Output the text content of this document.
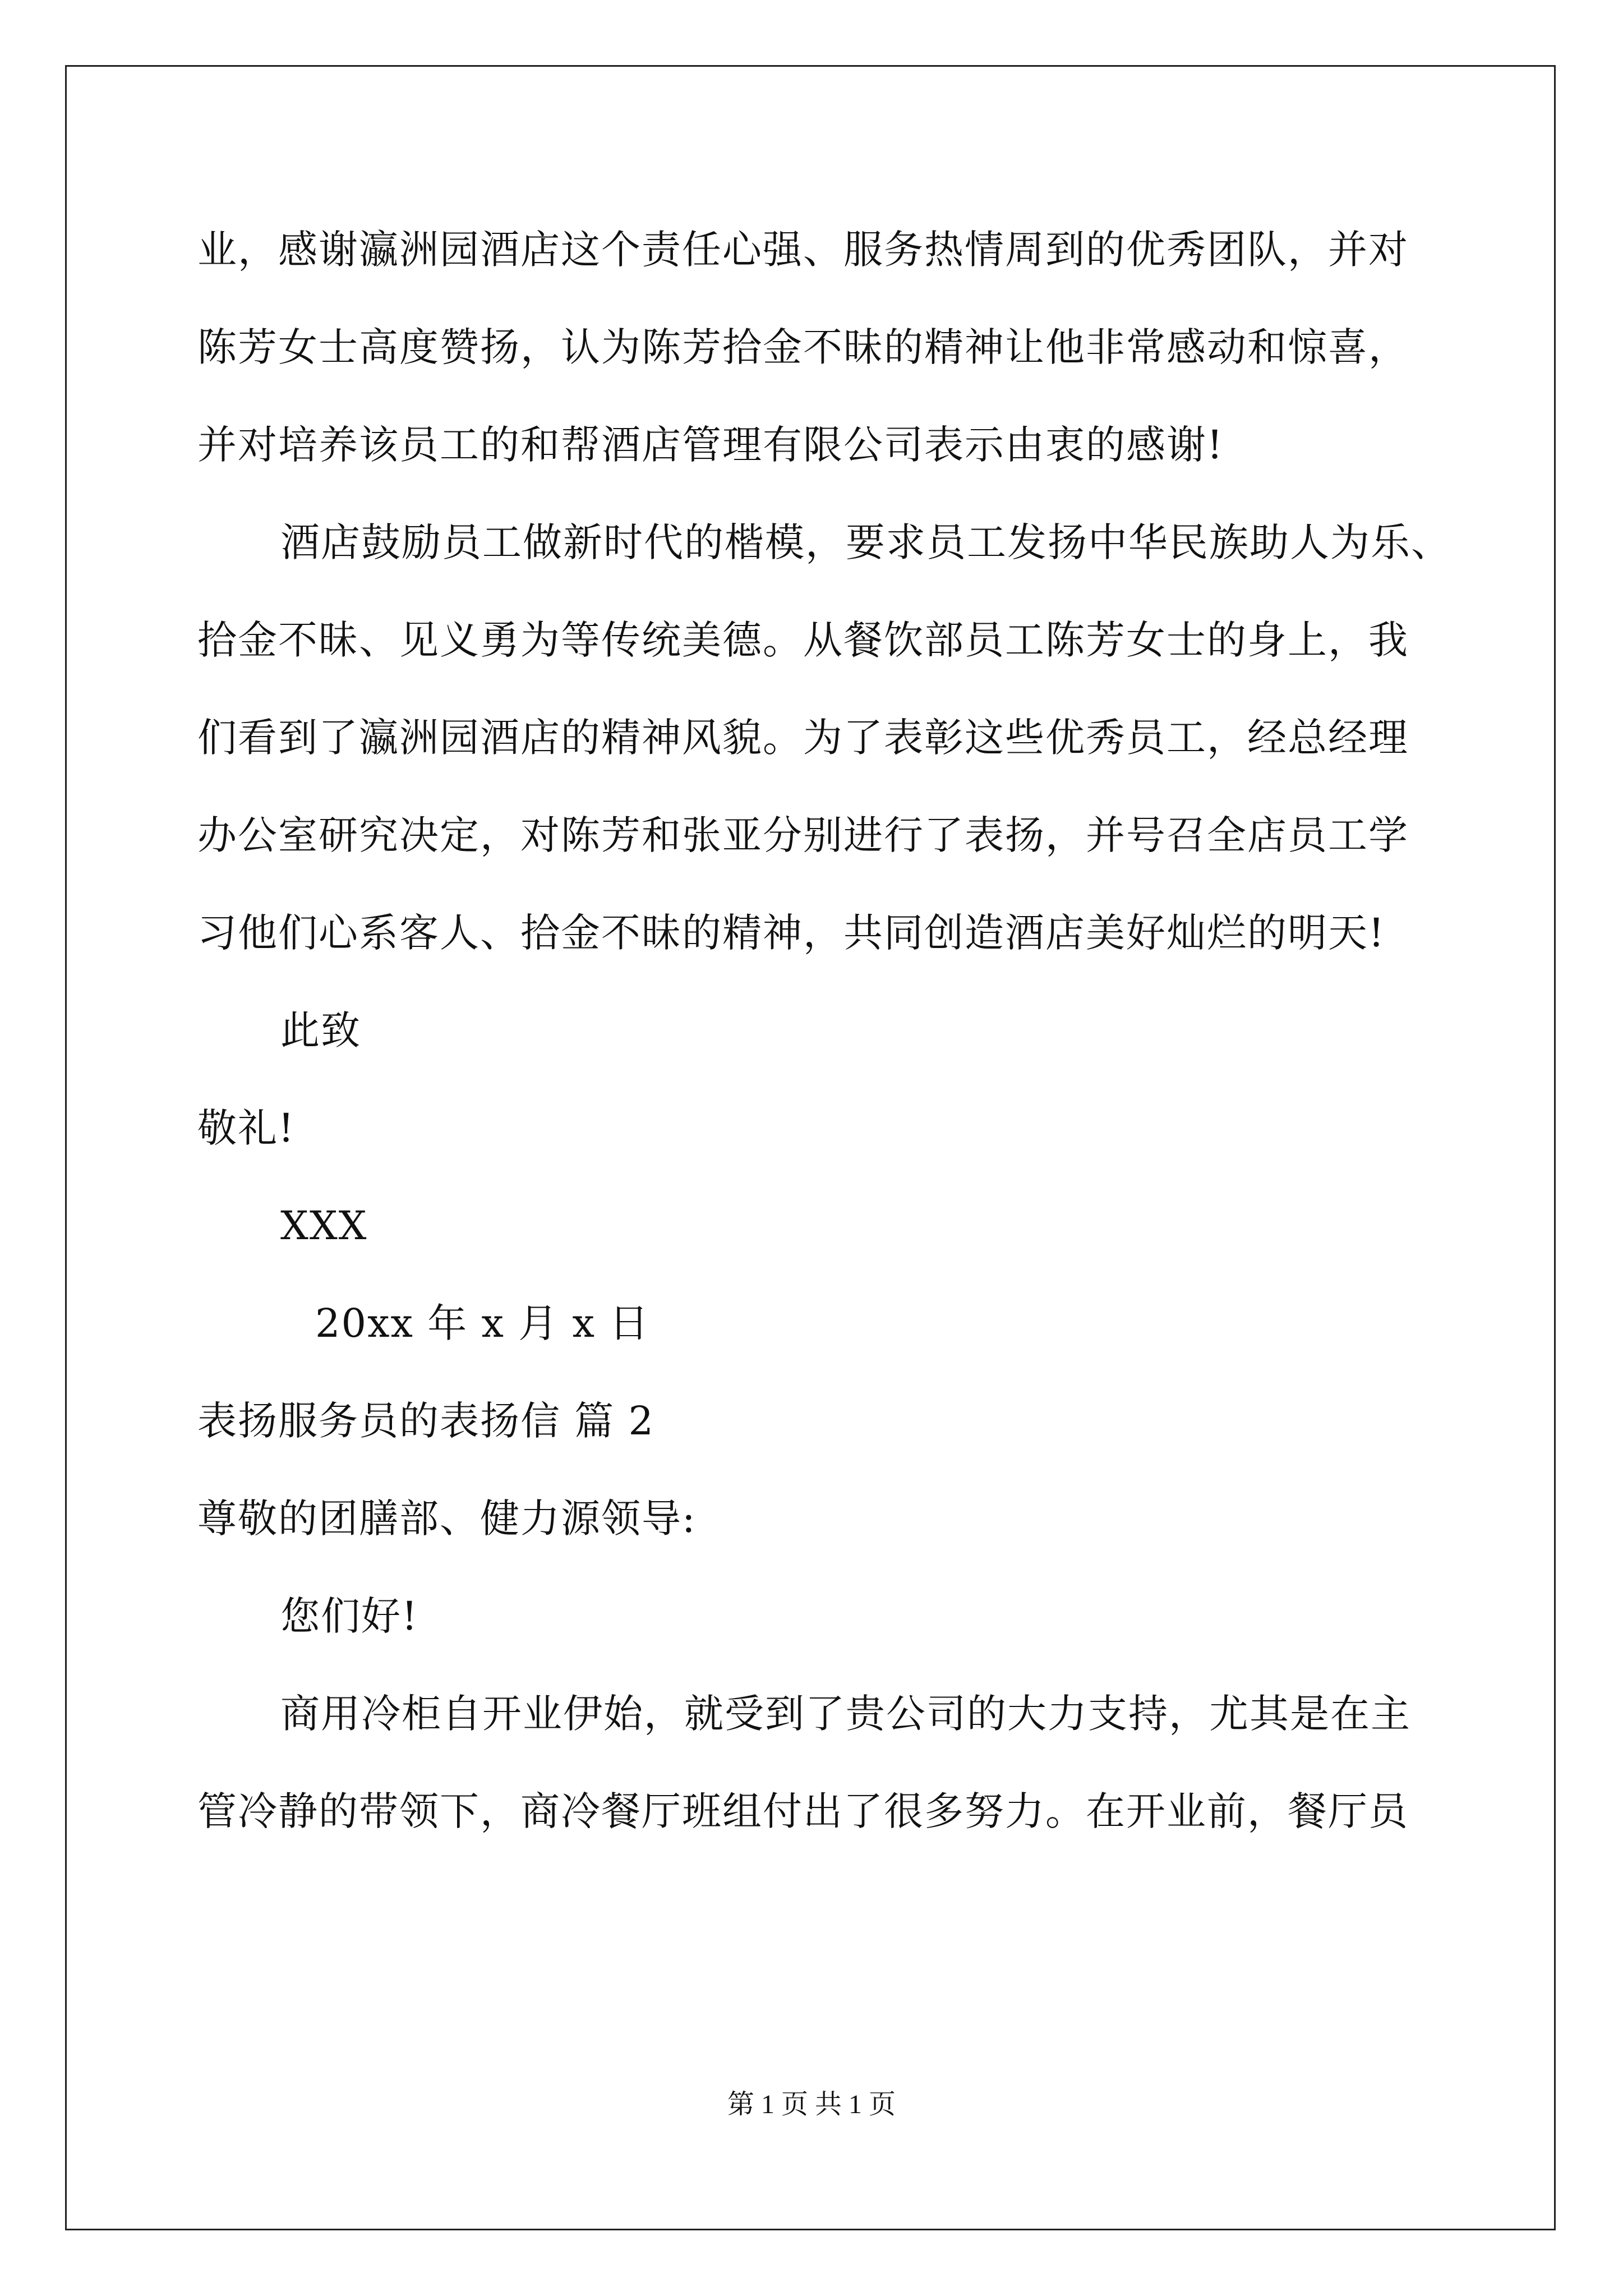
业，感谢瀛洲园酒店这个责任心强、服务热情周到的优秀团队，并对
陈芳女士高度赞扬，认为陈芳拾金不昧的精神让他非常感动和惊喜，
并对培养该员工的和帮酒店管理有限公司表示由衷的感谢!
酒店鼓励员工做新时代的楷模，要求员工发扬中华民族助人为乐、
拾金不昧、见义勇为等传统美德。从餐饮部员工陈芳女士的身上，我
们看到了瀛洲园酒店的精神风貌。为了表彰这些优秀员工，经总经理
办公室研究决定，对陈芳和张亚分别进行了表扬，并号召全店员工学
习他们心系客人、拾金不昧的精神，共同创造酒店美好灿烂的明天!
此致
敬礼!
XXX
20xx 年 x 月 x 日
表扬服务员的表扬信 篇 2
尊敬的团膳部、健力源领导:
您们好!
商用冷柜自开业伊始，就受到了贵公司的大力支持，尤其是在主
管冷静的带领下，商冷餐厅班组付出了很多努力。在开业前，餐厅员
第 1 页 共 1 页
